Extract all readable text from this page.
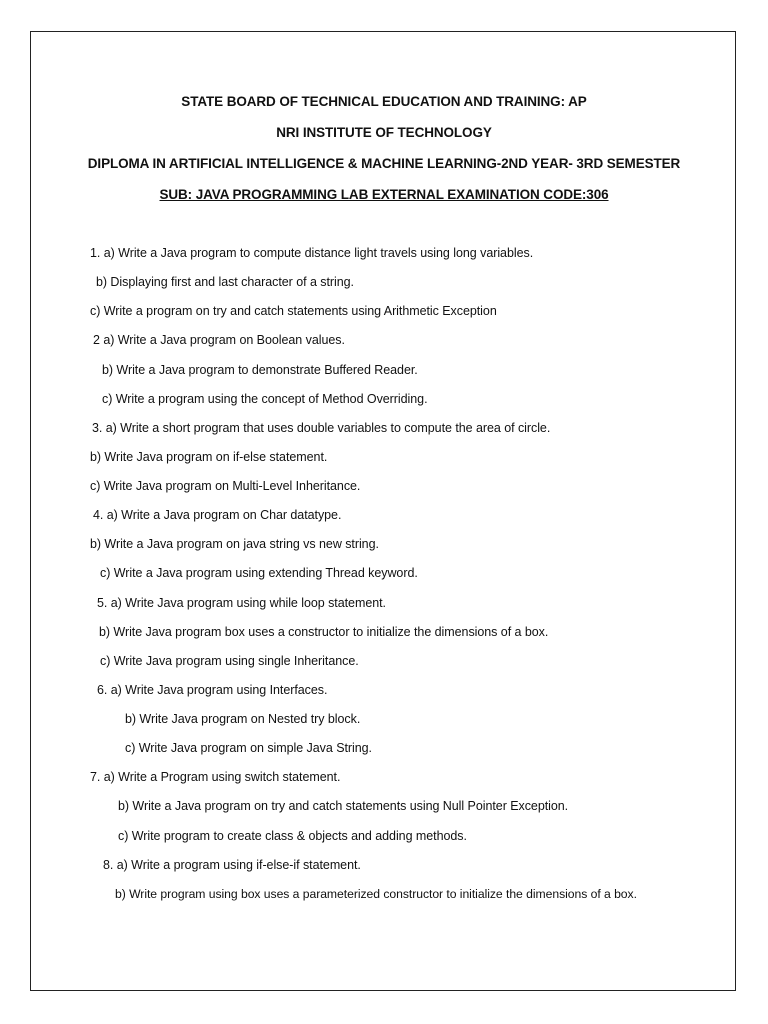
STATE BOARD OF TECHNICAL EDUCATION AND TRAINING: AP
NRI INSTITUTE OF TECHNOLOGY
DIPLOMA IN ARTIFICIAL INTELLIGENCE & MACHINE LEARNING-2ND YEAR- 3RD SEMESTER
SUB: JAVA PROGRAMMING LAB EXTERNAL EXAMINATION CODE:306
1. a) Write a Java program to compute distance light travels using long variables.
b) Displaying first and last character of a string.
c) Write a program on try and catch statements using Arithmetic Exception
2 a) Write a Java program on Boolean values.
b) Write a Java program to demonstrate Buffered Reader.
c) Write a program using the concept of Method Overriding.
3. a) Write a short program that uses double variables to compute the area of circle.
b) Write Java program on if-else statement.
c) Write Java program on Multi-Level Inheritance.
4. a) Write a Java program on Char datatype.
b) Write a Java program on java string vs new string.
c) Write a Java program using extending Thread keyword.
5. a) Write Java program using while loop statement.
b) Write Java program box uses a constructor to initialize the dimensions of a box.
c) Write Java program using single Inheritance.
6. a) Write Java program using Interfaces.
b) Write Java program on Nested try block.
c) Write Java program on simple Java String.
7. a) Write a Program using switch statement.
b) Write a Java program on try and catch statements using Null Pointer Exception.
c) Write program to create class & objects and adding methods.
8. a) Write a program using if-else-if statement.
b) Write program using box uses a parameterized constructor to initialize the dimensions of a box.
